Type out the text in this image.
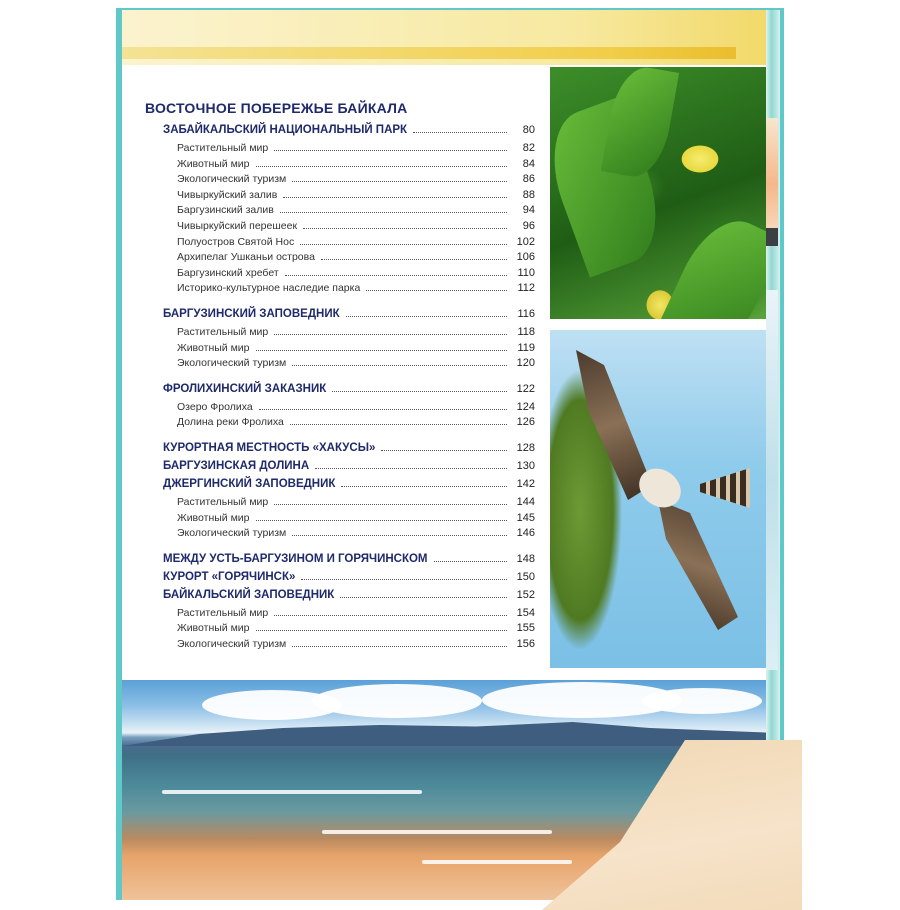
ВОСТОЧНОЕ ПОБЕРЕЖЬЕ БАЙКАЛА
ЗАБАЙКАЛЬСКИЙ НАЦИОНАЛЬНЫЙ ПАРК	80
Растительный мир	82
Животный мир	84
Экологический туризм	86
Чивыркуйский залив	88
Баргузинский залив	94
Чивыркуйский перешеек	96
Полуостров Святой Нос	102
Архипелаг Ушканьи острова	106
Баргузинский хребет	110
Историко-культурное наследие парка	112
БАРГУЗИНСКИЙ ЗАПОВЕДНИК	116
Растительный мир	118
Животный мир	119
Экологический туризм	120
ФРОЛИХИНСКИЙ ЗАКАЗНИК	122
Озеро Фролиха	124
Долина реки Фролиха	126
КУРОРТНАЯ МЕСТНОСТЬ «ХАКУСЫ»	128
БАРГУЗИНСКАЯ ДОЛИНА	130
ДЖЕРГИНСКИЙ ЗАПОВЕДНИК	142
Растительный мир	144
Животный мир	145
Экологический туризм	146
МЕЖДУ УСТЬ-БАРГУЗИНОМ И ГОРЯЧИНСКОМ	148
КУРОРТ «ГОРЯЧИНСК»	150
БАЙКАЛЬСКИЙ ЗАПОВЕДНИК	152
Растительный мир	154
Животный мир	155
Экологический туризм	156
